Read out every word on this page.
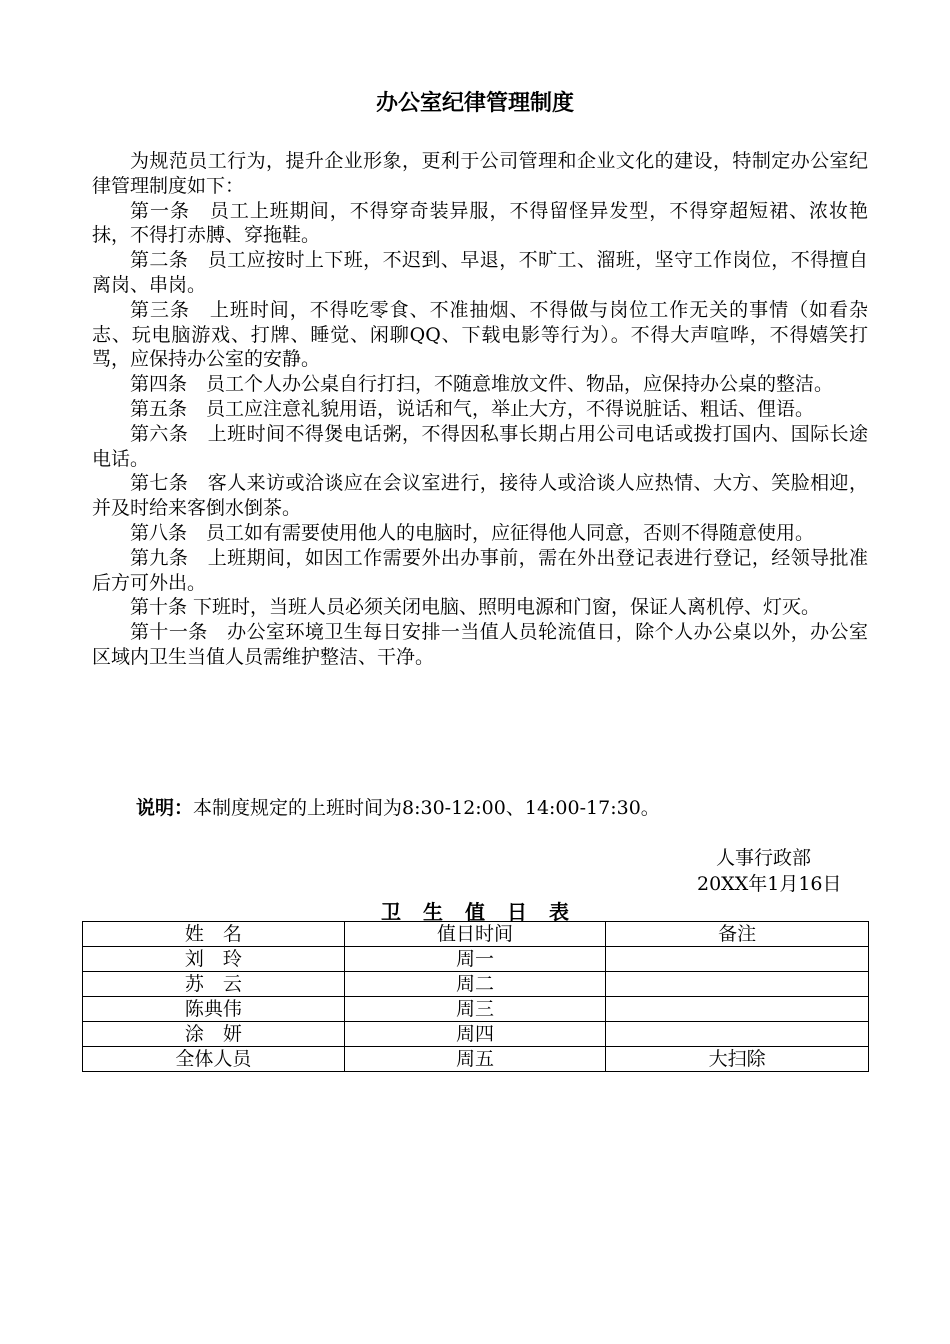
办公室纪律管理制度

为规范员工行为，提升企业形象，更利于公司管理和企业文化的建设，特制定办公室纪律管理制度如下：

第一条　员工上班期间，不得穿奇装异服，不得留怪异发型，不得穿超短裙、浓妆艳抹，不得打赤膊、穿拖鞋。

第二条　员工应按时上下班，不迟到、早退，不旷工、溜班，坚守工作岗位，不得擅自离岗、串岗。

第三条　上班时间，不得吃零食、不准抽烟、不得做与岗位工作无关的事情（如看杂志、玩电脑游戏、打牌、睡觉、闲聊QQ、下载电影等行为）。不得大声喧哗，不得嬉笑打骂，应保持办公室的安静。

第四条　员工个人办公桌自行打扫，不随意堆放文件、物品，应保持办公桌的整洁。

第五条　员工应注意礼貌用语，说话和气，举止大方，不得说脏话、粗话、俚语。

第六条　上班时间不得煲电话粥，不得因私事长期占用公司电话或拨打国内、国际长途电话。

第七条　客人来访或洽谈应在会议室进行，接待人或洽谈人应热情、大方、笑脸相迎，并及时给来客倒水倒茶。

第八条　员工如有需要使用他人的电脑时，应征得他人同意，否则不得随意使用。

第九条　上班期间，如因工作需要外出办事前，需在外出登记表进行登记，经领导批准后方可外出。

第十条 下班时，当班人员必须关闭电脑、照明电源和门窗，保证人离机停、灯灭。

第十一条　办公室环境卫生每日安排一当值人员轮流值日，除个人办公桌以外，办公室区域内卫生当值人员需维护整洁、干净。

说明：本制度规定的上班时间为8:30-12:00、14:00-17:30。
人事行政部
20XX年1月16日
卫生值日表
姓　名	值日时间	备注
刘　玲	周一	
苏　云	周二	
陈典伟	周三	
涂　妍	周四	
全体人员	周五	大扫除
